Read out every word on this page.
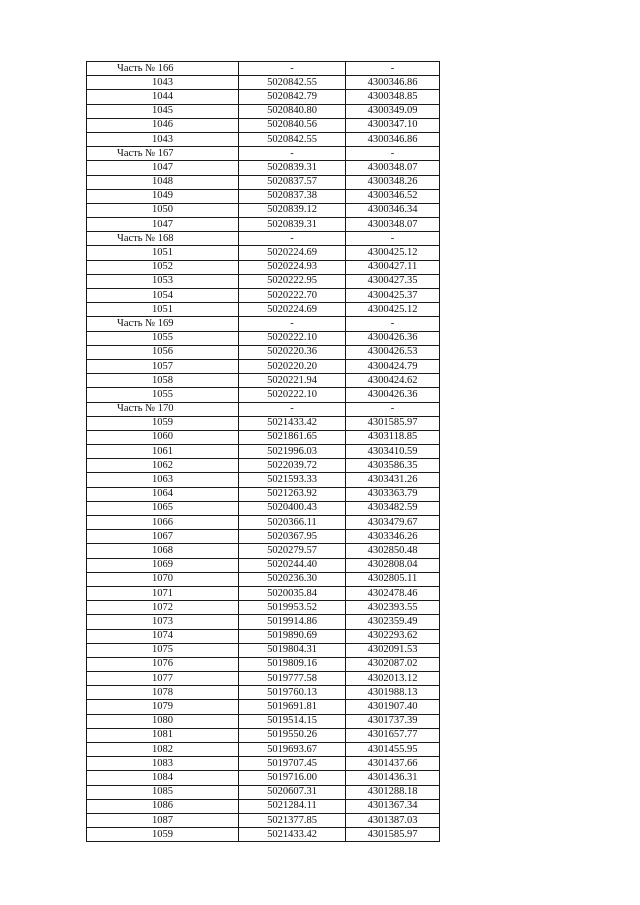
Часть № 166	-	-
1043	5020842.55	4300346.86
1044	5020842.79	4300348.85
1045	5020840.80	4300349.09
1046	5020840.56	4300347.10
1043	5020842.55	4300346.86
Часть № 167	-	-
1047	5020839.31	4300348.07
1048	5020837.57	4300348.26
1049	5020837.38	4300346.52
1050	5020839.12	4300346.34
1047	5020839.31	4300348.07
Часть № 168	-	-
1051	5020224.69	4300425.12
1052	5020224.93	4300427.11
1053	5020222.95	4300427.35
1054	5020222.70	4300425.37
1051	5020224.69	4300425.12
Часть № 169	-	-
1055	5020222.10	4300426.36
1056	5020220.36	4300426.53
1057	5020220.20	4300424.79
1058	5020221.94	4300424.62
1055	5020222.10	4300426.36
Часть № 170	-	-
1059	5021433.42	4301585.97
1060	5021861.65	4303118.85
1061	5021996.03	4303410.59
1062	5022039.72	4303586.35
1063	5021593.33	4303431.26
1064	5021263.92	4303363.79
1065	5020400.43	4303482.59
1066	5020366.11	4303479.67
1067	5020367.95	4303346.26
1068	5020279.57	4302850.48
1069	5020244.40	4302808.04
1070	5020236.30	4302805.11
1071	5020035.84	4302478.46
1072	5019953.52	4302393.55
1073	5019914.86	4302359.49
1074	5019890.69	4302293.62
1075	5019804.31	4302091.53
1076	5019809.16	4302087.02
1077	5019777.58	4302013.12
1078	5019760.13	4301988.13
1079	5019691.81	4301907.40
1080	5019514.15	4301737.39
1081	5019550.26	4301657.77
1082	5019693.67	4301455.95
1083	5019707.45	4301437.66
1084	5019716.00	4301436.31
1085	5020607.31	4301288.18
1086	5021284.11	4301367.34
1087	5021377.85	4301387.03
1059	5021433.42	4301585.97
